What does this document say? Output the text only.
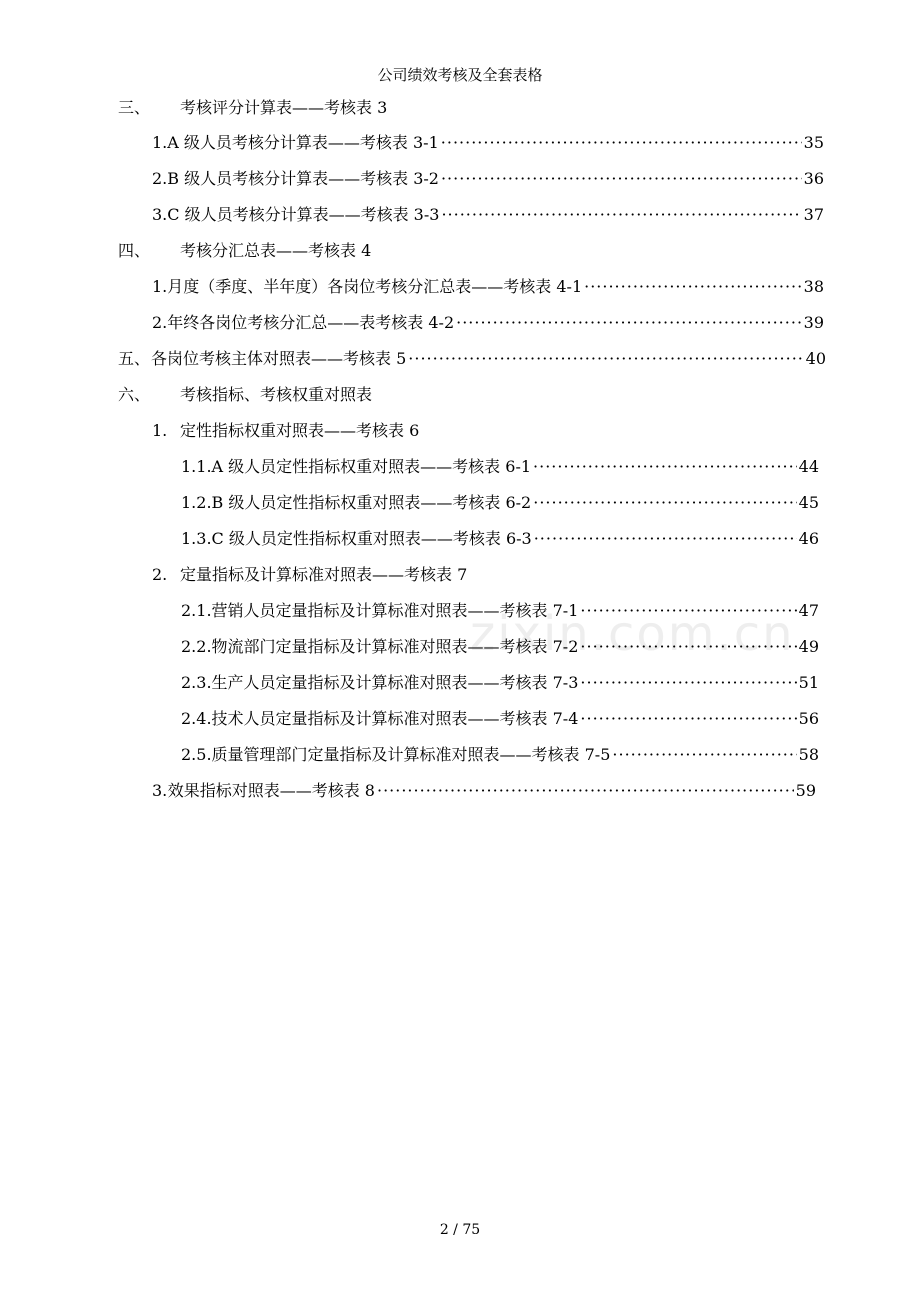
公司绩效考核及全套表格
zixin.com.cn
三、	考核评分计算表——考核表 3
1. A 级人员考核分计算表——考核表 3-1 ·····	35
2. B 级人员考核分计算表——考核表 3-2 ·····	36
3. C 级人员考核分计算表——考核表 3-3 ·····	37
四、	考核分汇总表——考核表 4
1. 月度（季度、半年度）各岗位考核分汇总表——考核表 4-1 ·····	38
2. 年终各岗位考核分汇总——表考核表 4-2 ·····	39
五、 各岗位考核主体对照表——考核表 5 ·····	40
六、	考核指标、考核权重对照表
1. 定性指标权重对照表——考核表 6
1.1. A 级人员定性指标权重对照表——考核表 6-1 ·····	44
1.2. B 级人员定性指标权重对照表——考核表 6-2 ·····	45
1.3. C 级人员定性指标权重对照表——考核表 6-3 ·····	46
2. 定量指标及计算标准对照表——考核表 7
2.1. 营销人员定量指标及计算标准对照表——考核表 7-1 ·····	47
2.2. 物流部门定量指标及计算标准对照表——考核表 7-2 ·····	49
2.3. 生产人员定量指标及计算标准对照表——考核表 7-3 ·····	51
2.4. 技术人员定量指标及计算标准对照表——考核表 7-4 ·····	56
2.5. 质量管理部门定量指标及计算标准对照表——考核表 7-5 ·····	58
3. 效果指标对照表——考核表 8 ·····	59
2 / 75
